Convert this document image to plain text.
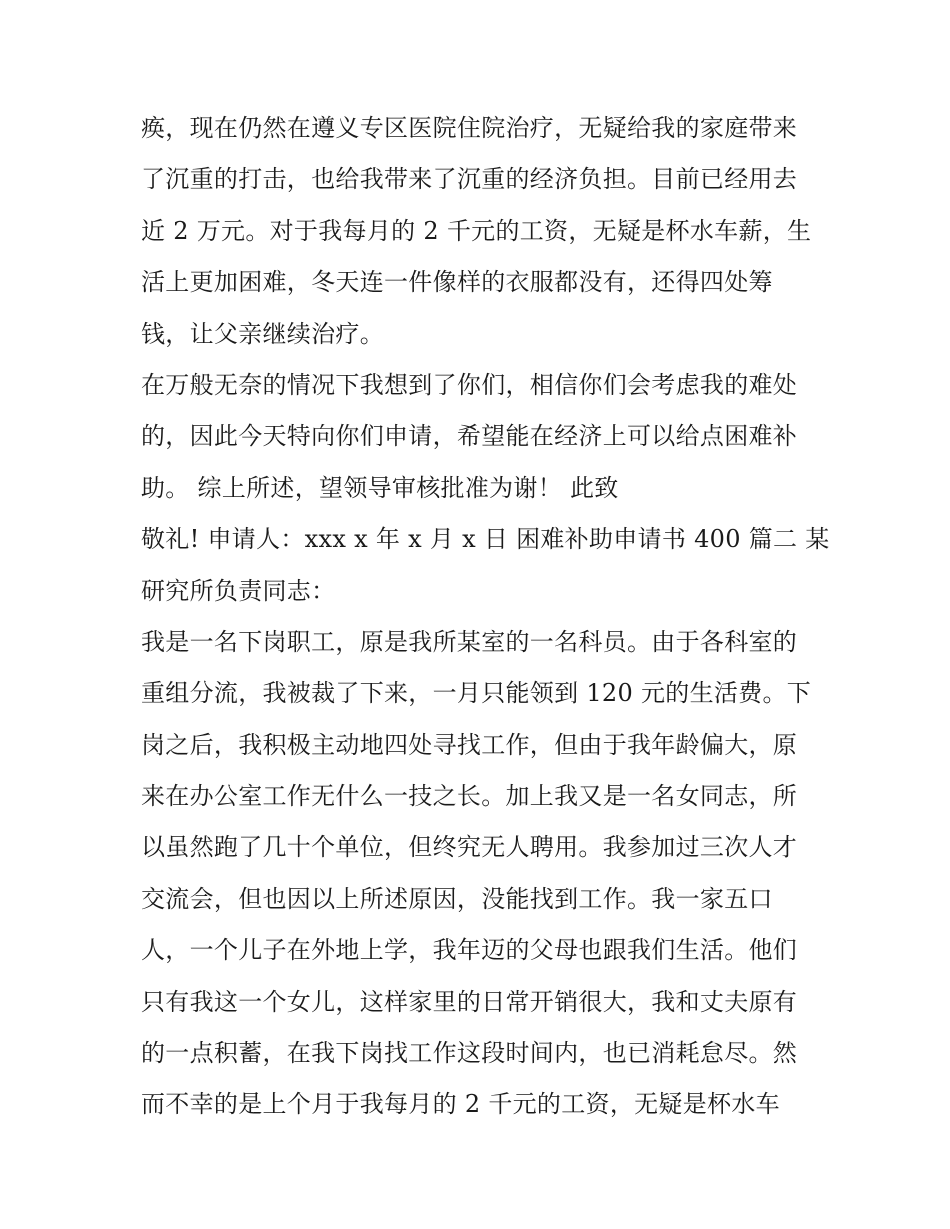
痪，现在仍然在遵义专区医院住院治疗，无疑给我的家庭带来
了沉重的打击，也给我带来了沉重的经济负担。目前已经用去
近 2 万元。对于我每月的 2 千元的工资，无疑是杯水车薪，生
活上更加困难，冬天连一件像样的衣服都没有，还得四处筹
钱，让父亲继续治疗。
在万般无奈的情况下我想到了你们，相信你们会考虑我的难处
的，因此今天特向你们申请，希望能在经济上可以给点困难补
助。 综上所述，望领导审核批准为谢！ 此致
敬礼! 申请人：xxx x 年 x 月 x 日 困难补助申请书 400 篇二 某
研究所负责同志：
我是一名下岗职工，原是我所某室的一名科员。由于各科室的
重组分流，我被裁了下来，一月只能领到 120 元的生活费。下
岗之后，我积极主动地四处寻找工作，但由于我年龄偏大，原
来在办公室工作无什么一技之长。加上我又是一名女同志，所
以虽然跑了几十个单位，但终究无人聘用。我参加过三次人才
交流会，但也因以上所述原因，没能找到工作。我一家五口
人，一个儿子在外地上学，我年迈的父母也跟我们生活。他们
只有我这一个女儿，这样家里的日常开销很大，我和丈夫原有
的一点积蓄，在我下岗找工作这段时间内，也已消耗怠尽。然
而不幸的是上个月于我每月的 2 千元的工资，无疑是杯水车
